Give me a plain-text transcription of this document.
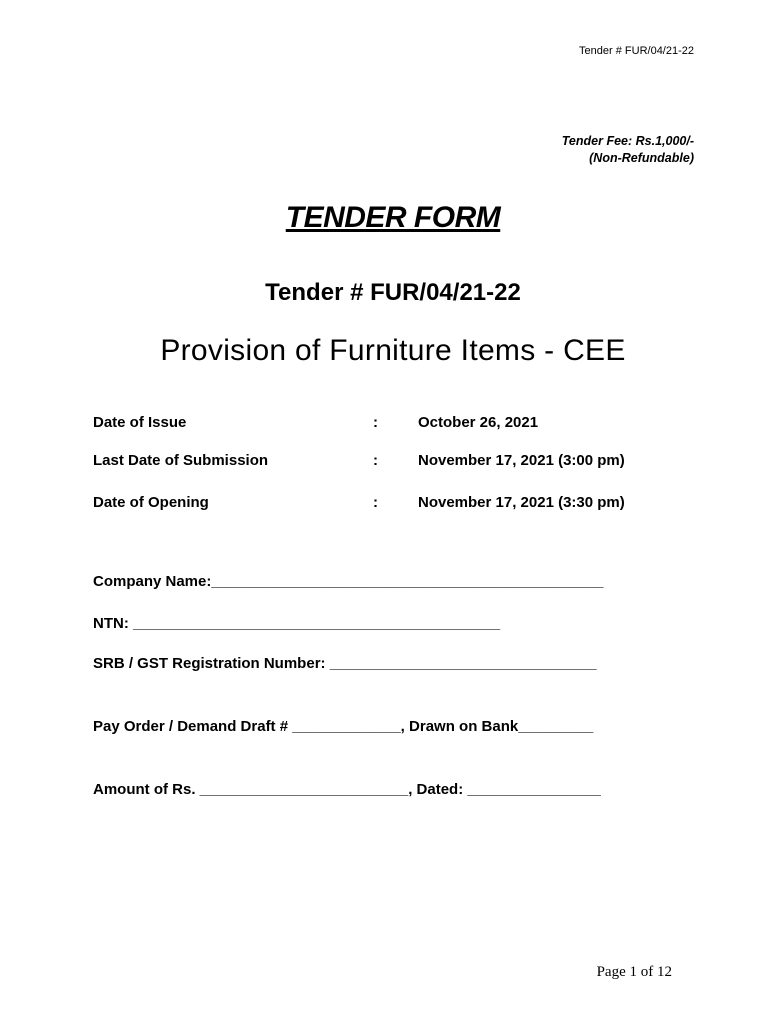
Tender # FUR/04/21-22
Tender Fee: Rs.1,000/-
(Non-Refundable)
TENDER FORM
Tender # FUR/04/21-22
Provision of Furniture Items - CEE
Date of Issue	:	October 26, 2021
Last Date of Submission	:	November 17, 2021 (3:00 pm)
Date of Opening	:	November 17, 2021 (3:30 pm)
Company Name:_______________________________________________
NTN: ____________________________________________
SRB / GST Registration Number: ________________________________
Pay Order / Demand Draft # _____________, Drawn on Bank_________
Amount of Rs. _________________________, Dated: ________________
Page 1 of 12
